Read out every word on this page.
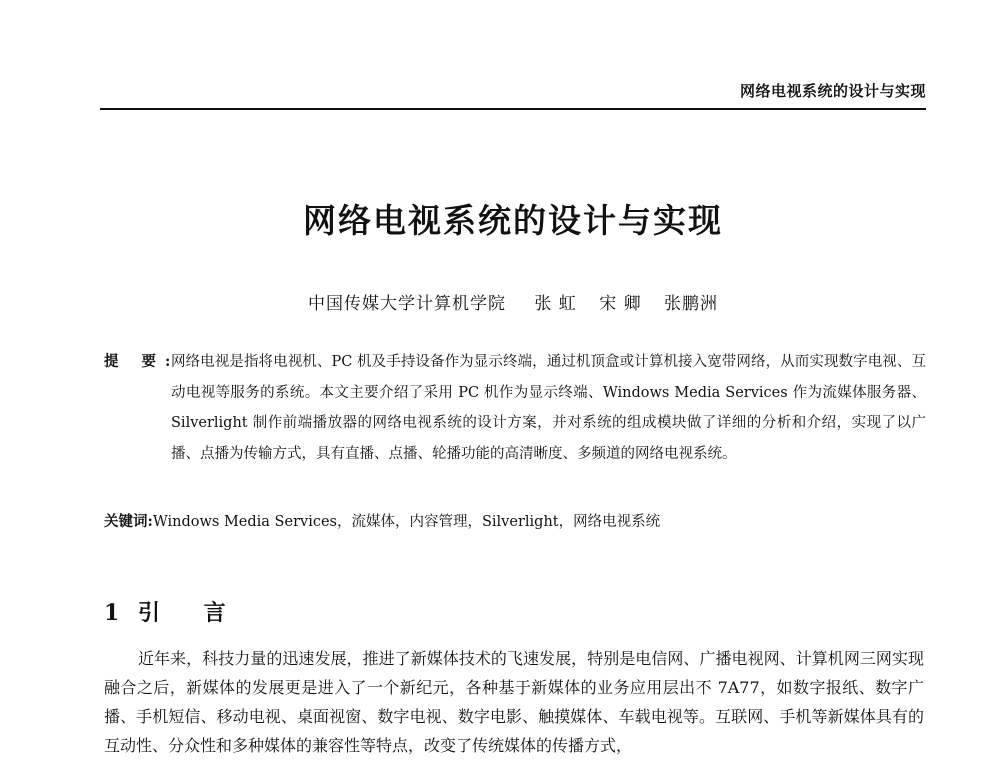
网络电视系统的设计与实现
网络电视系统的设计与实现
中国传媒大学计算机学院 张 虹 宋 卿 张鹏洲
提 要:
网络电视是指将电视机、PC 机及手持设备作为显示终端，通过机顶盒或计算机接入宽带网络，从而实现数字电视、互动电视等服务的系统。本文主要介绍了采用 PC 机作为显示终端、Windows Media Services 作为流媒体服务器、Silverlight 制作前端播放器的网络电视系统的设计方案，并对系统的组成模块做了详细的分析和介绍，实现了以广播、点播为传输方式，具有直播、点播、轮播功能的高清晰度、多频道的网络电视系统。
关键词:Windows Media Services，流媒体，内容管理，Silverlight，网络电视系统
1 引 言

近年来，科技力量的迅速发展，推进了新媒体技术的飞速发展，特别是电信网、广播电视网、计算机网三网实现融合之后，新媒体的发展更是进入了一个新纪元，各种基于新媒体的业务应用层出不 7A77，如数字报纸、数字广播、手机短信、移动电视、桌面视窗、数字电视、数字电影、触摸媒体、车载电视等。互联网、手机等新媒体具有的互动性、分众性和多种媒体的兼容性等特点，改变了传统媒体的传播方式，
